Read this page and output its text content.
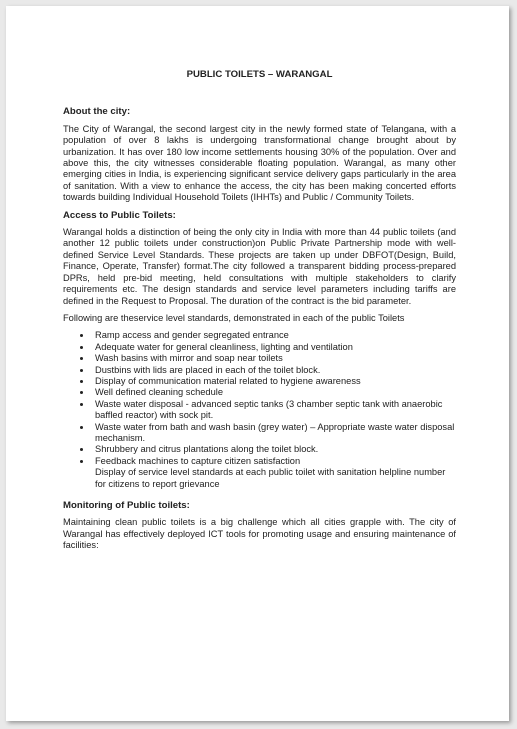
PUBLIC TOILETS – WARANGAL
About the city:

The City of Warangal, the second largest city in the newly formed state of Telangana, with a population of over 8 lakhs is undergoing transformational change brought about by urbanization. It has over 180 low income settlements housing 30% of the population. Over and above this, the city witnesses considerable floating population. Warangal, as many other emerging cities in India, is experiencing significant service delivery gaps particularly in the area of sanitation. With a view to enhance the access, the city has been making concerted efforts towards building Individual Household Toilets (IHHTs) and Public / Community Toilets.

Access to Public Toilets:

Warangal holds a distinction of being the only city in India with more than 44 public toilets (and another 12 public toilets under construction)on Public Private Partnership mode with well-defined Service Level Standards. These projects are taken up under DBFOT(Design, Build, Finance, Operate, Transfer) format.The city followed a transparent bidding process-prepared DPRs, held pre-bid meeting, held consultations with multiple stakeholders to clarify requirements etc. The design standards and service level parameters including tariffs are defined in the Request to Proposal. The duration of the contract is the bid parameter.

Following are theservice level standards, demonstrated in each of the public Toilets

• Ramp access and gender segregated entrance
• Adequate water for general cleanliness, lighting and ventilation
• Wash basins with mirror and soap near toilets
• Dustbins with lids are placed in each of the toilet block.
• Display of communication material related to hygiene awareness
• Well defined cleaning schedule
• Waste water disposal - advanced septic tanks (3 chamber septic tank with anaerobic baffled reactor) with sock pit.
• Waste water from bath and wash basin (grey water) – Appropriate waste water disposal mechanism.
• Shrubbery and citrus plantations along the toilet block.
• Feedback machines to capture citizen satisfaction
Display of service level standards at each public toilet with sanitation helpline number for citizens to report grievance
Monitoring of Public toilets:

Maintaining clean public toilets is a big challenge which all cities grapple with. The city of Warangal has effectively deployed ICT tools for promoting usage and ensuring maintenance of facilities:
